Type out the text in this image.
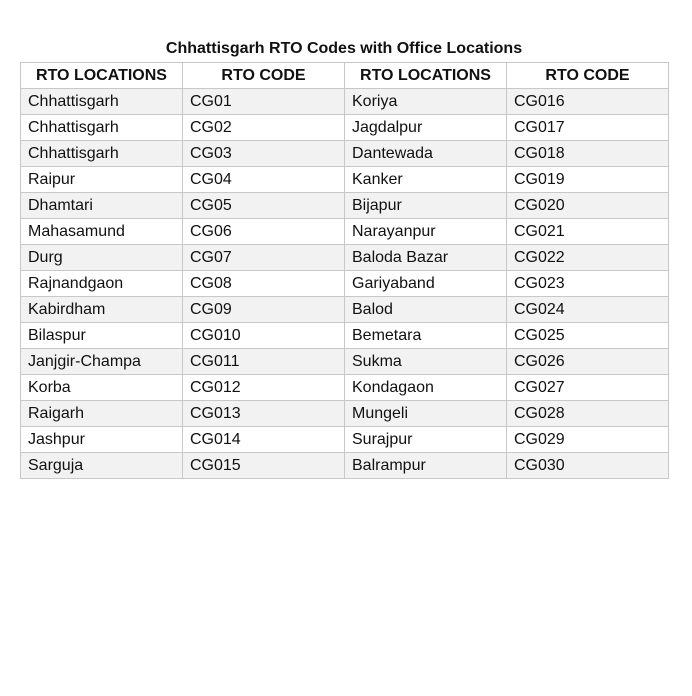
Chhattisgarh RTO Codes with Office Locations
RTO LOCATIONS	RTO CODE	RTO LOCATIONS	RTO CODE
Chhattisgarh	CG01	Koriya	CG016
Chhattisgarh	CG02	Jagdalpur	CG017
Chhattisgarh	CG03	Dantewada	CG018
Raipur	CG04	Kanker	CG019
Dhamtari	CG05	Bijapur	CG020
Mahasamund	CG06	Narayanpur	CG021
Durg	CG07	Baloda Bazar	CG022
Rajnandgaon	CG08	Gariyaband	CG023
Kabirdham	CG09	Balod	CG024
Bilaspur	CG010	Bemetara	CG025
Janjgir-Champa	CG011	Sukma	CG026
Korba	CG012	Kondagaon	CG027
Raigarh	CG013	Mungeli	CG028
Jashpur	CG014	Surajpur	CG029
Sarguja	CG015	Balrampur	CG030
